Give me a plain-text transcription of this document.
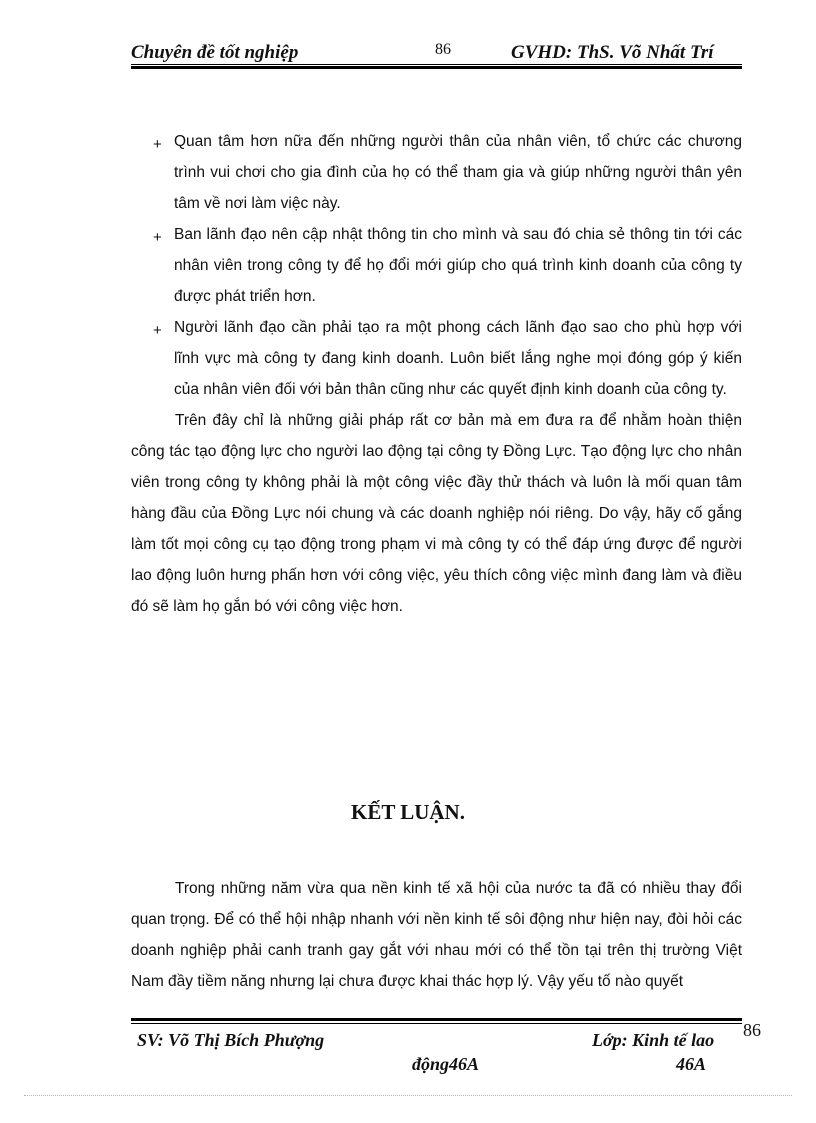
Chuyên đề tốt nghiệp	86	GVHD: ThS. Võ Nhất Trí
+ Quan tâm hơn nữa đến những người thân của nhân viên, tổ chức các chương trình vui chơi cho gia đình của họ có thể tham gia và giúp những người thân yên tâm về nơi làm việc này.
+ Ban lãnh đạo nên cập nhật thông tin cho mình và sau đó chia sẻ thông tin tới các nhân viên trong công ty để họ đổi mới giúp cho quá trình kinh doanh của công ty được phát triển hơn.
+ Người lãnh đạo cần phải tạo ra một phong cách lãnh đạo sao cho phù hợp với lĩnh vực mà công ty đang kinh doanh. Luôn biết lắng nghe mọi đóng góp ý kiến của nhân viên đối với bản thân cũng như các quyết định kinh doanh của công ty.

Trên đây chỉ là những giải pháp rất cơ bản mà em đưa ra để nhằm hoàn thiện công tác tạo động lực cho người lao động tại công ty Đồng Lực. Tạo động lực cho nhân viên trong công ty không phải là một công việc đầy thử thách và luôn là mối quan tâm hàng đầu của Đồng Lực nói chung và các doanh nghiệp nói riêng. Do vậy, hãy cố gắng làm tốt mọi công cụ tạo động trong phạm vi mà công ty có thể đáp ứng được để người lao động luôn hưng phấn hơn với công việc, yêu thích công việc mình đang làm và điều đó sẽ làm họ gắn bó với công việc hơn.

KẾT LUẬN.

Trong những năm vừa qua nền kinh tế xã hội của nước ta đã có nhiều thay đổi quan trọng. Để có thể hội nhập nhanh với nền kinh tế sôi động như hiện nay, đòi hỏi các doanh nghiệp phải canh tranh gay gắt với nhau mới có thể tồn tại trên thị trường Việt Nam đầy tiềm năng nhưng lại chưa được khai thác hợp lý. Vậy yếu tố nào quyết

SV: Võ Thị Bích Phượng	Lớp: Kinh tế lao
động46A	46A
86
